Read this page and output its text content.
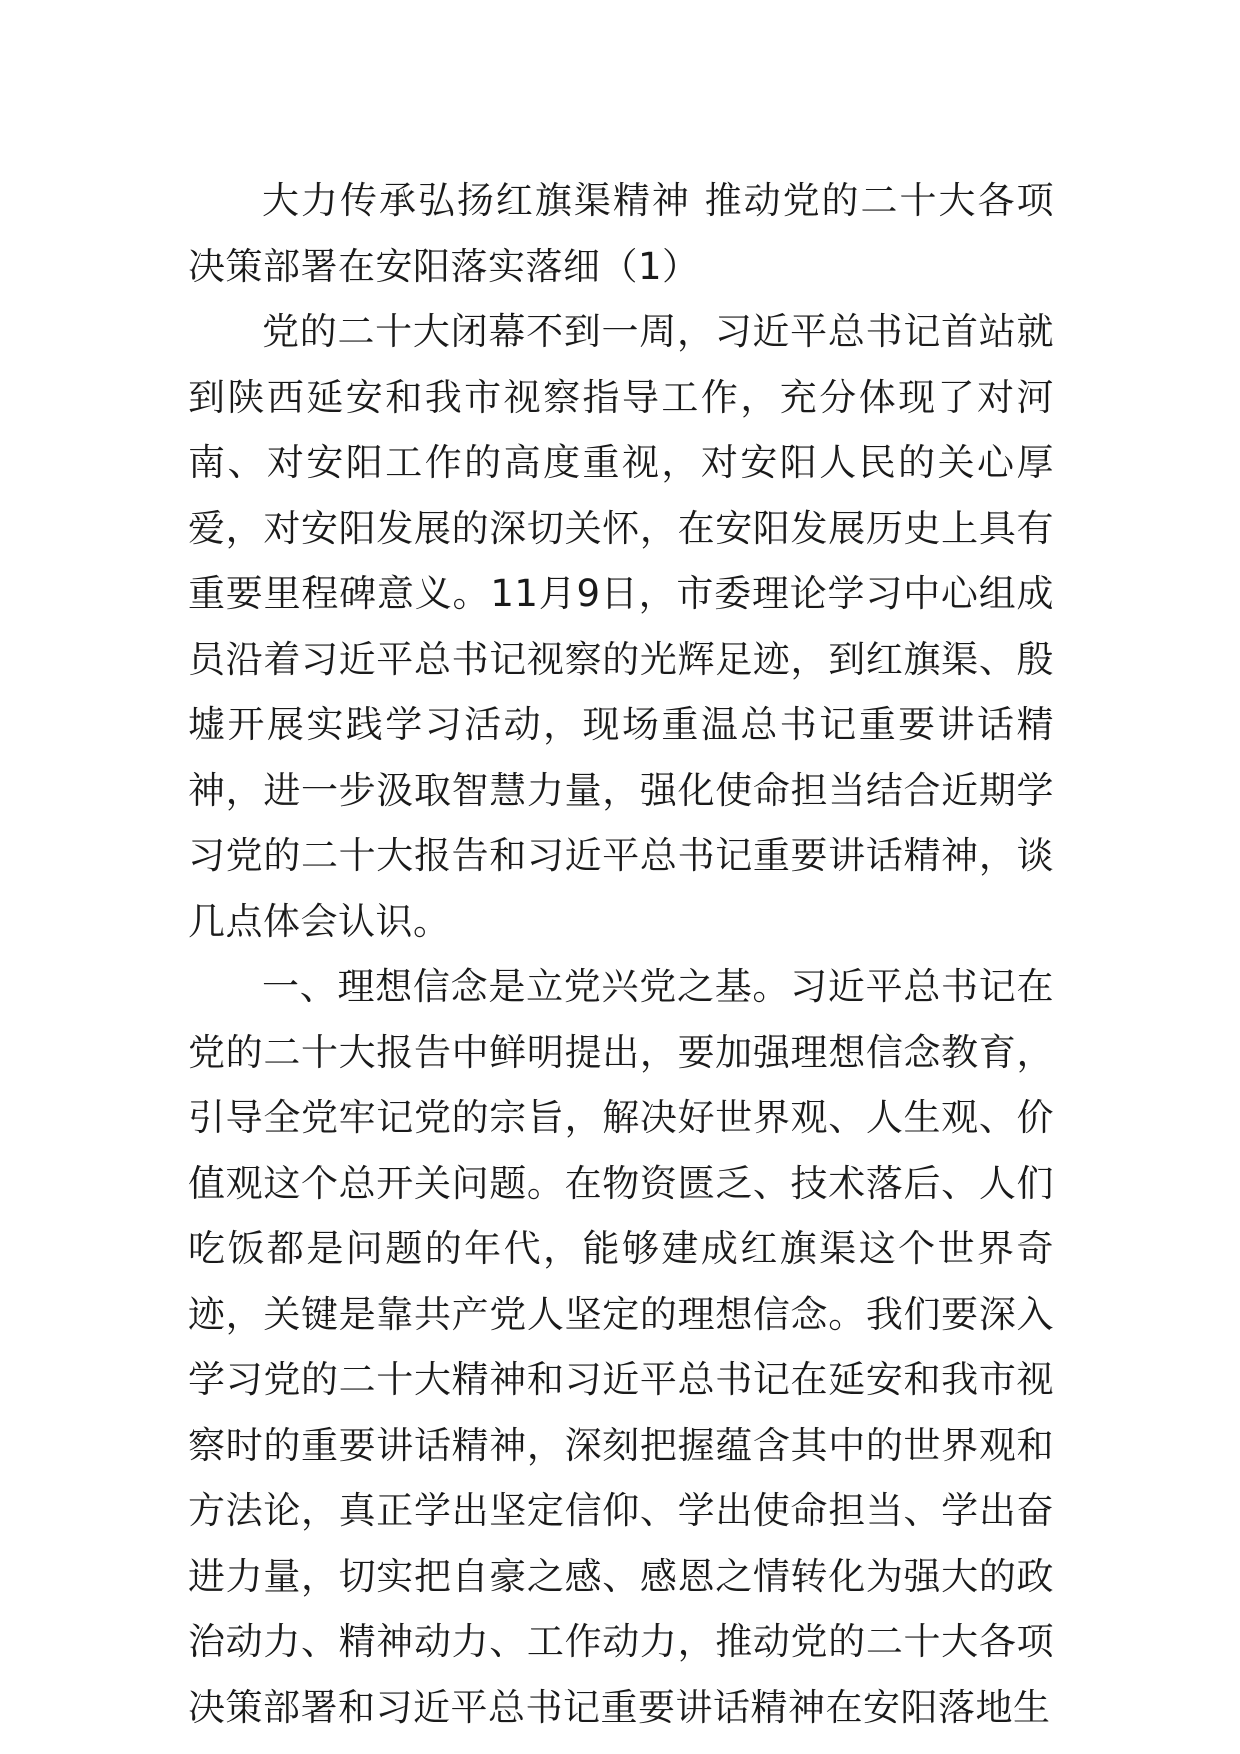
大力传承弘扬红旗渠精神 推动党的二十大各项决策部署在安阳落实落细（1）

党的二十大闭幕不到一周，习近平总书记首站就到陕西延安和我市视察指导工作，充分体现了对河南、对安阳工作的高度重视，对安阳人民的关心厚爱，对安阳发展的深切关怀，在安阳发展历史上具有重要里程碑意义。11月9日，市委理论学习中心组成员沿着习近平总书记视察的光辉足迹，到红旗渠、殷墟开展实践学习活动，现场重温总书记重要讲话精神，进一步汲取智慧力量，强化使命担当结合近期学习党的二十大报告和习近平总书记重要讲话精神，谈几点体会认识。

一、理想信念是立党兴党之基。习近平总书记在党的二十大报告中鲜明提出，要加强理想信念教育，引导全党牢记党的宗旨，解决好世界观、人生观、价值观这个总开关问题。在物资匮乏、技术落后、人们吃饭都是问题的年代，能够建成红旗渠这个世界奇迹，关键是靠共产党人坚定的理想信念。我们要深入学习党的二十大精神和习近平总书记在延安和我市视察时的重要讲话精神，深刻把握蕴含其中的世界观和方法论，真正学出坚定信仰、学出使命担当、学出奋进力量，切实把自豪之感、感恩之情转化为强大的政治动力、精神动力、工作动力，推动党的二十大各项决策部署和习近平总书记重要讲话精神在安阳落地生
